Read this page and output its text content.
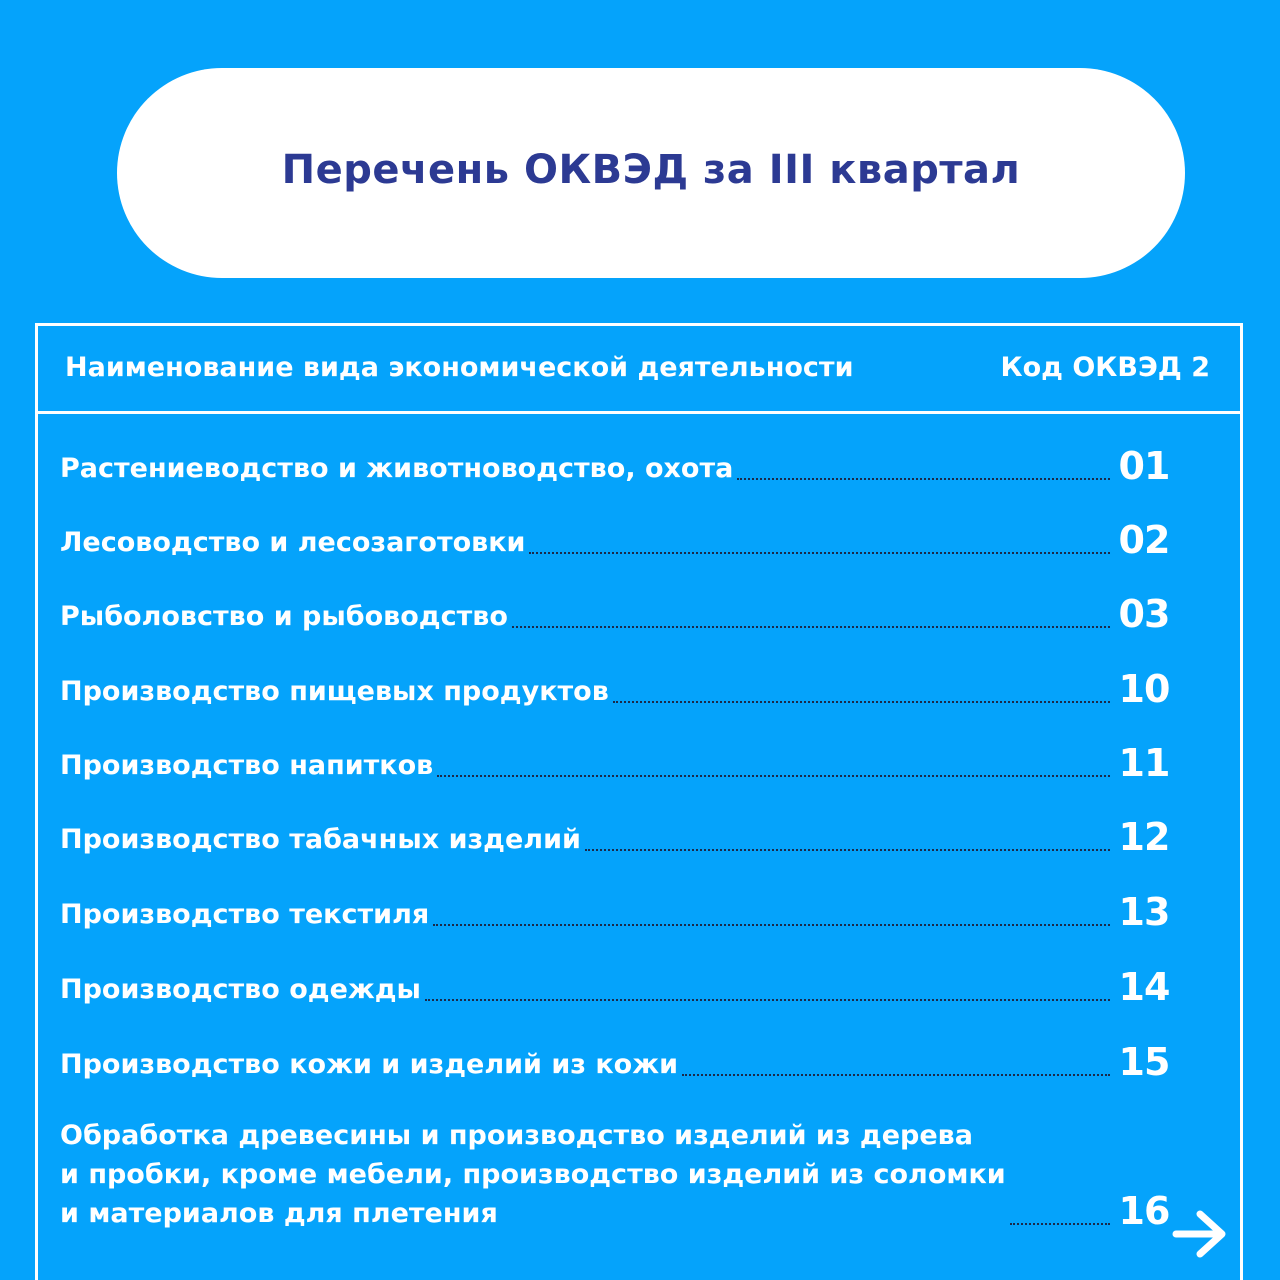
Перечень ОКВЭД за III квартал
Наименование вида экономической деятельности	Код ОКВЭД 2
Растениеводство и животноводство, охота	01
Лесоводство и лесозаготовки	02
Рыболовство и рыбоводство	03
Производство пищевых продуктов	10
Производство напитков	11
Производство табачных изделий	12
Производство текстиля	13
Производство одежды	14
Производство кожи и изделий из кожи	15
Обработка древесины и производство изделий из дерева
и пробки, кроме мебели, производство изделий из соломки
и материалов для плетения	16
